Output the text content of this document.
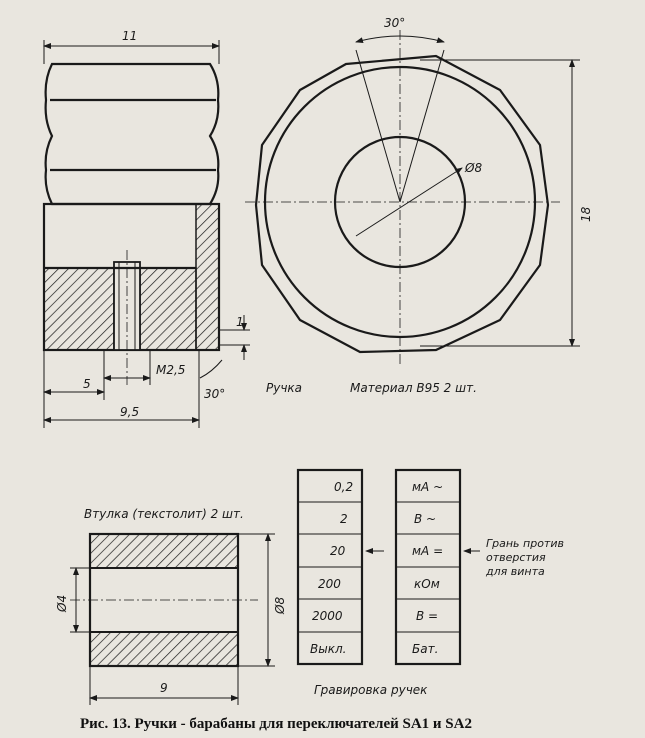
11
30°
Ø8
18
1
5
M2,5
30°
9,5
Ручка	Материал В95 2 шт.
Втулка (текстолит) 2 шт.
Ø4	Ø8
9
0,2
2
20
200
2000
Выкл.
мА ~
В ~
мА =
кОм
В =
Бат.
Грань против
отверстия
для винта
Гравировка ручек
Рис. 13. Ручки - барабаны для переключателей SA1 и SA2
